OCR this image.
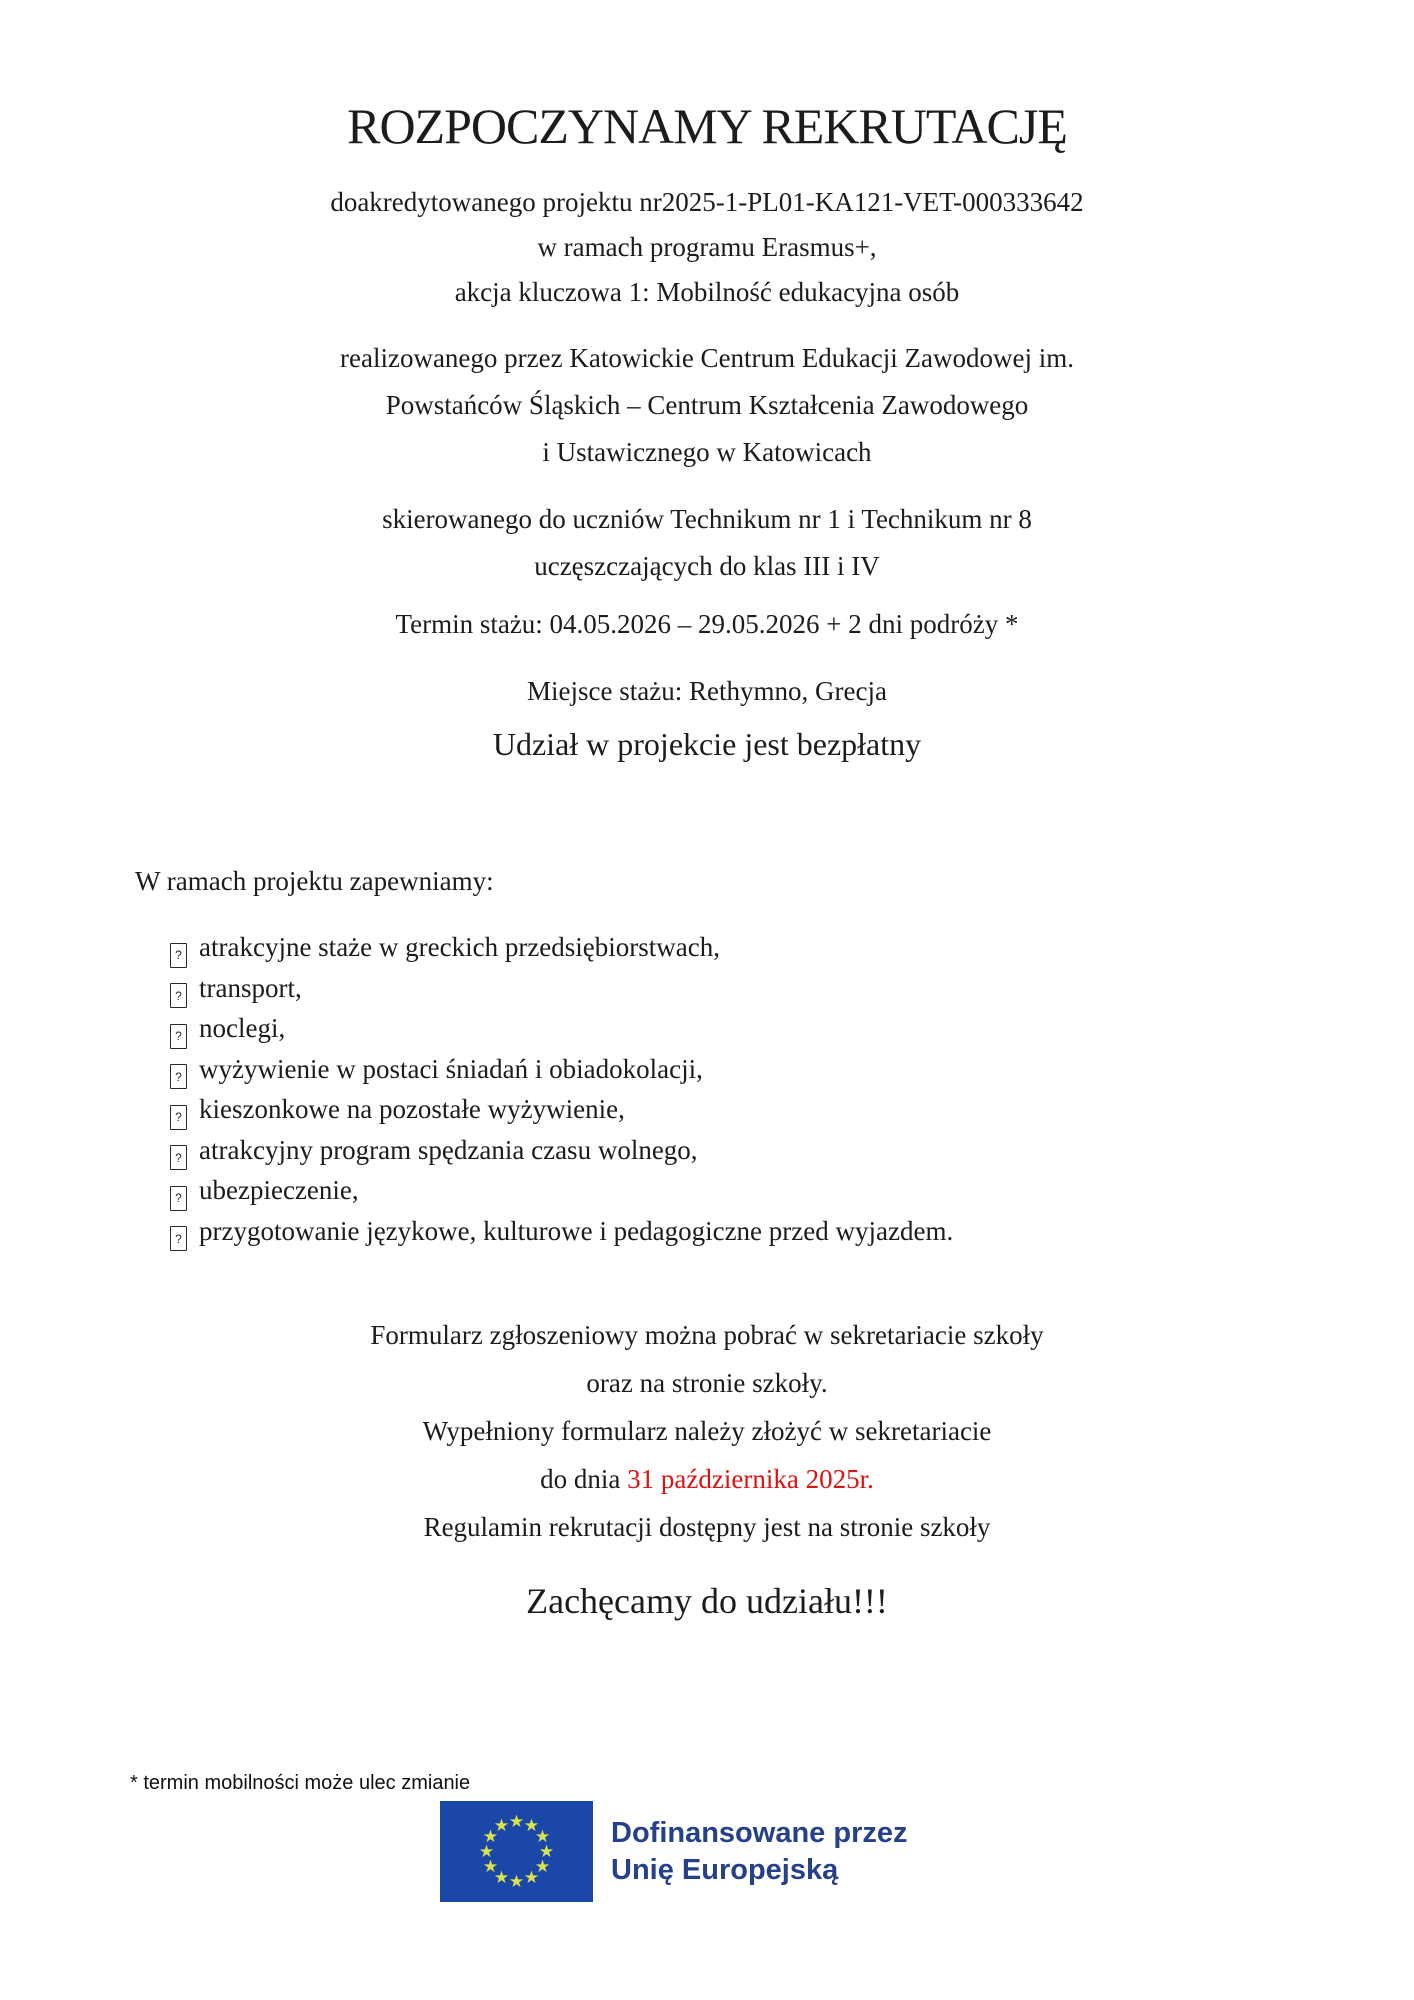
ROZPOCZYNAMY REKRUTACJĘ
doakredytowanego projektu nr2025-1-PL01-KA121-VET-000333642
w ramach programu Erasmus+,
akcja kluczowa 1: Mobilność edukacyjna osób
realizowanego przez Katowickie Centrum Edukacji Zawodowej im.
Powstańców Śląskich – Centrum Kształcenia Zawodowego
i Ustawicznego w Katowicach
skierowanego do uczniów Technikum nr 1 i Technikum nr 8
uczęszczających do klas III i IV
Termin stażu: 04.05.2026 – 29.05.2026 + 2 dni podróży *
Miejsce stażu: Rethymno, Grecja
Udział w projekcie jest bezpłatny
W ramach projektu zapewniamy:
? atrakcyjne staże w greckich przedsiębiorstwach,
? transport,
? noclegi,
? wyżywienie w postaci śniadań i obiadokolacji,
? kieszonkowe na pozostałe wyżywienie,
? atrakcyjny program spędzania czasu wolnego,
? ubezpieczenie,
? przygotowanie językowe, kulturowe i pedagogiczne przed wyjazdem.
Formularz zgłoszeniowy można pobrać w sekretariacie szkoły
oraz na stronie szkoły.
Wypełniony formularz należy złożyć w sekretariacie
do dnia 31 października 2025r.
Regulamin rekrutacji dostępny jest na stronie szkoły
Zachęcamy do udziału!!!
* termin mobilności może ulec zmianie
Dofinansowane przez
Unię Europejską
